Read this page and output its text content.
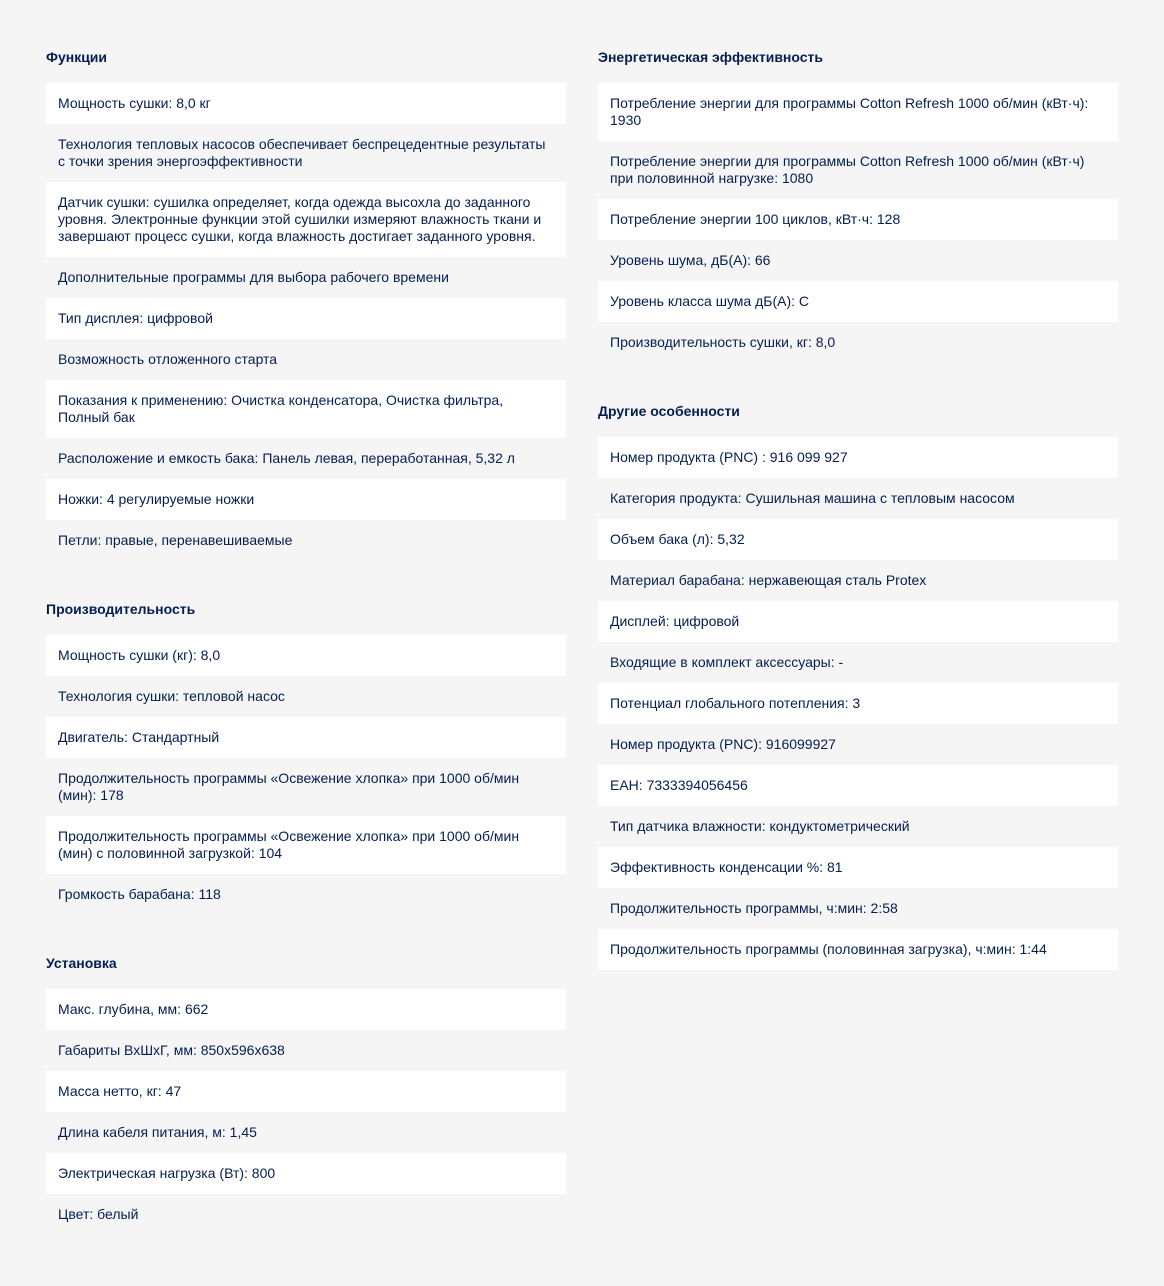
Функции
Мощность сушки: 8,0 кг
Технология тепловых насосов обеспечивает беспрецедентные результаты с точки зрения энергоэффективности
Датчик сушки: сушилка определяет, когда одежда высохла до заданного уровня. Электронные функции этой сушилки измеряют влажность ткани и завершают процесс сушки, когда влажность достигает заданного уровня.
Дополнительные программы для выбора рабочего времени
Тип дисплея: цифровой
Возможность отложенного старта
Показания к применению: Очистка конденсатора, Очистка фильтра, Полный бак
Расположение и емкость бака: Панель левая, переработанная, 5,32 л
Ножки: 4 регулируемые ножки
Петли: правые, перенавешиваемые
Производительность
Мощность сушки (кг): 8,0
Технология сушки: тепловой насос
Двигатель: Стандартный
Продолжительность программы «Освежение хлопка» при 1000 об/мин (мин): 178
Продолжительность программы «Освежение хлопка» при 1000 об/мин (мин) с половинной загрузкой: 104
Громкость барабана: 118
Установка
Макс. глубина, мм: 662
Габариты ВхШхГ, мм: 850x596x638
Масса нетто, кг: 47
Длина кабеля питания, м: 1,45
Электрическая нагрузка (Вт): 800
Цвет: белый
Энергетическая эффективность
Потребление энергии для программы Cotton Refresh 1000 об/мин (кВт·ч): 1930
Потребление энергии для программы Cotton Refresh 1000 об/мин (кВт·ч) при половинной нагрузке: 1080
Потребление энергии 100 циклов, кВт·ч: 128
Уровень шума, дБ(А): 66
Уровень класса шума дБ(A): C
Производительность сушки, кг: 8,0
Другие особенности
Номер продукта (PNC) : 916 099 927
Категория продукта: Сушильная машина с тепловым насосом
Объем бака (л): 5,32
Материал барабана: нержавеющая сталь Protex
Дисплей: цифровой
Входящие в комплект аксессуары: -
Потенциал глобального потепления: 3
Номер продукта (PNC): 916099927
EAH: 7333394056456
Тип датчика влажности: кондуктометрический
Эффективность конденсации %: 81
Продолжительность программы, ч:мин: 2:58
Продолжительность программы (половинная загрузка), ч:мин: 1:44
